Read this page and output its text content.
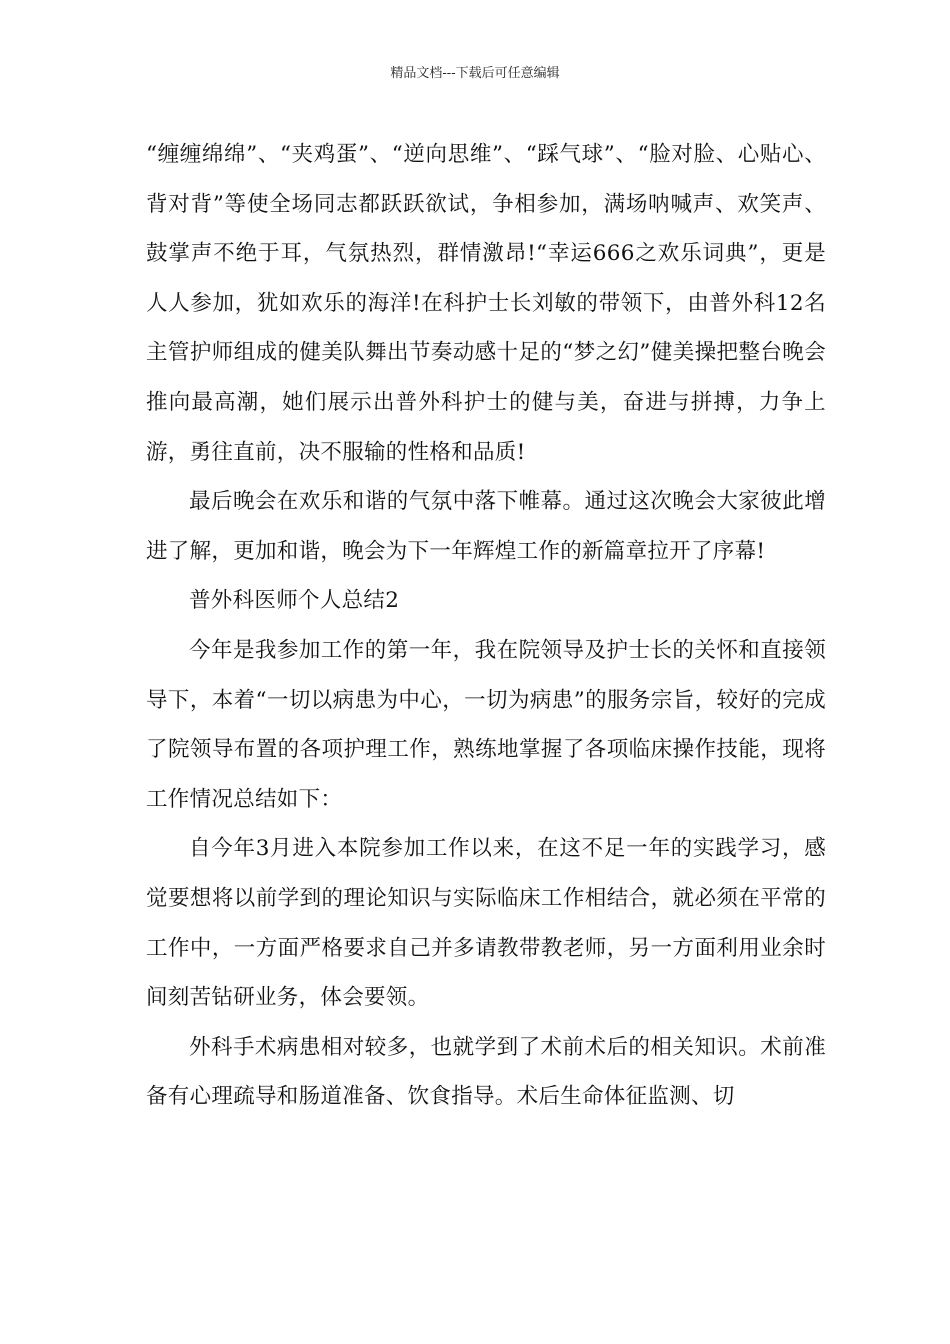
精品文档---下载后可任意编辑

“缠缠绵绵”、“夹鸡蛋”、“逆向思维”、“踩气球”、“脸对脸、心贴心、背对背”等使全场同志都跃跃欲试，争相参加，满场呐喊声、欢笑声、鼓掌声不绝于耳，气氛热烈，群情激昂!“幸运666之欢乐词典”，更是人人参加，犹如欢乐的海洋!在科护士长刘敏的带领下，由普外科12名主管护师组成的健美队舞出节奏动感十足的“梦之幻”健美操把整台晚会推向最高潮，她们展示出普外科护士的健与美，奋进与拼搏，力争上游，勇往直前，决不服输的性格和品质!

最后晚会在欢乐和谐的气氛中落下帷幕。通过这次晚会大家彼此增进了解，更加和谐，晚会为下一年辉煌工作的新篇章拉开了序幕!

普外科医师个人总结2

今年是我参加工作的第一年，我在院领导及护士长的关怀和直接领导下，本着“一切以病患为中心，一切为病患”的服务宗旨，较好的完成了院领导布置的各项护理工作，熟练地掌握了各项临床操作技能，现将工作情况总结如下：

自今年3月进入本院参加工作以来，在这不足一年的实践学习，感觉要想将以前学到的理论知识与实际临床工作相结合，就必须在平常的工作中，一方面严格要求自己并多请教带教老师，另一方面利用业余时间刻苦钻研业务，体会要领。

外科手术病患相对较多，也就学到了术前术后的相关知识。术前准备有心理疏导和肠道准备、饮食指导。术后生命体征监测、切
